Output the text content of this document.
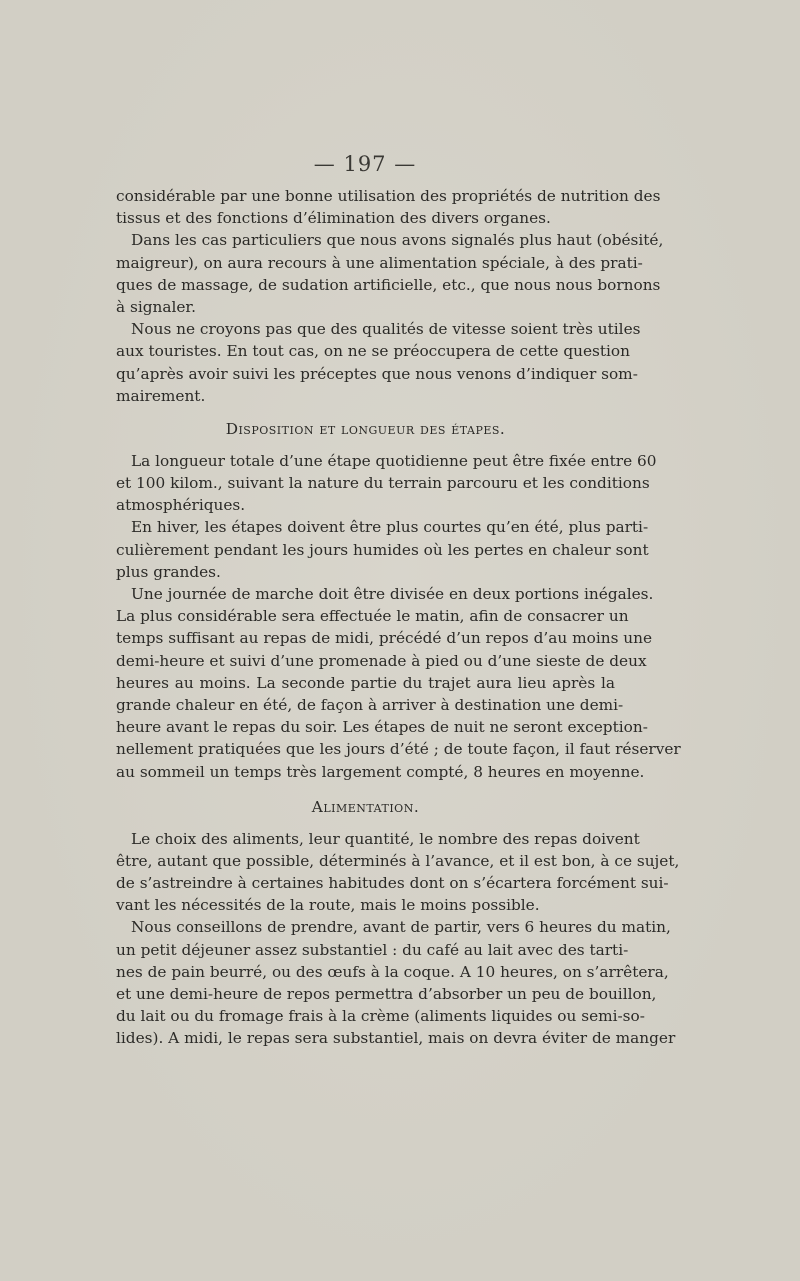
— 197 —
considérable par une bonne utilisation des propriétés de nutrition des
tissus et des fonctions d’élimination des divers organes.
Dans les cas particuliers que nous avons signalés plus haut (obésité,
maigreur), on aura recours à une alimentation spéciale, à des prati-
ques de massage, de sudation artificielle, etc., que nous nous bornons
à signaler.
Nous ne croyons pas que des qualités de vitesse soient très utiles
aux touristes. En tout cas, on ne se préoccupera de cette question
qu’après avoir suivi les préceptes que nous venons d’indiquer som-
mairement.
Disposition et longueur des étapes.
La longueur totale d’une étape quotidienne peut être fixée entre 60
et 100 kilom., suivant la nature du terrain parcouru et les conditions
atmosphériques.
En hiver, les étapes doivent être plus courtes qu’en été, plus parti-
culièrement pendant les jours humides où les pertes en chaleur sont
plus grandes.
Une journée de marche doit être divisée en deux portions inégales.
La plus considérable sera effectuée le matin, afin de consacrer un
temps suffisant au repas de midi, précédé d’un repos d’au moins une
demi-heure et suivi d’une promenade à pied ou d’une sieste de deux
heures au moins. La seconde partie du trajet aura lieu après la
grande chaleur en été, de façon à arriver à destination une demi-
heure avant le repas du soir. Les étapes de nuit ne seront exception-
nellement pratiquées que les jours d’été ; de toute façon, il faut réserver
au sommeil un temps très largement compté, 8 heures en moyenne.
Alimentation.
Le choix des aliments, leur quantité, le nombre des repas doivent
être, autant que possible, déterminés à l’avance, et il est bon, à ce sujet,
de s’astreindre à certaines habitudes dont on s’écartera forcément sui-
vant les nécessités de la route, mais le moins possible.
Nous conseillons de prendre, avant de partir, vers 6 heures du matin,
un petit déjeuner assez substantiel : du café au lait avec des tarti-
nes de pain beurré, ou des œufs à la coque. A 10 heures, on s’arrêtera,
et une demi-heure de repos permettra d’absorber un peu de bouillon,
du lait ou du fromage frais à la crème (aliments liquides ou semi-so-
lides). A midi, le repas sera substantiel, mais on devra éviter de manger
